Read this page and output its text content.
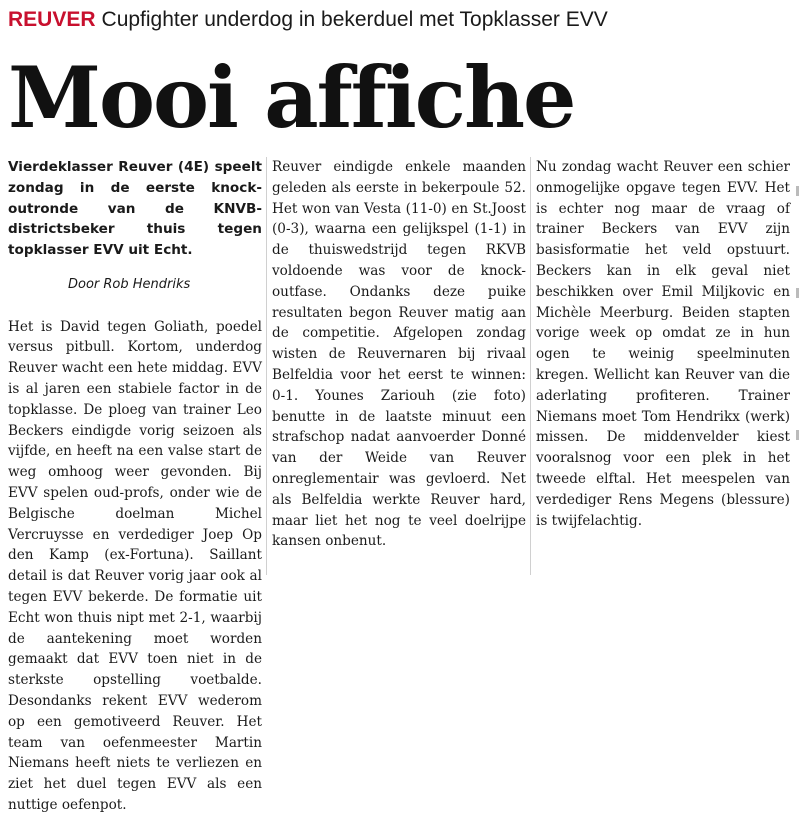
REUVER Cupfighter underdog in bekerduel met Topklasser EVV
Mooi affiche

Vierdeklasser Reuver (4E) speelt zondag in de eerste knock-outronde van de KNVB-districtsbeker thuis tegen topklasser EVV uit Echt.

Door Rob Hendriks

Het is David tegen Goliath, poedel versus pitbull. Kortom, underdog Reuver wacht een hete middag. EVV is al jaren een stabiele factor in de topklasse. De ploeg van trainer Leo Beckers eindigde vorig seizoen als vijfde, en heeft na een valse start de weg omhoog weer gevonden. Bij EVV spelen oud-profs, onder wie de Belgische doelman Michel Vercruysse en verdediger Joep Op den Kamp (ex-Fortuna). Saillant detail is dat Reuver vorig jaar ook al tegen EVV bekerde. De formatie uit Echt won thuis nipt met 2-1, waarbij de aantekening moet worden gemaakt dat EVV toen niet in de sterkste opstelling voetbalde. Desondanks rekent EVV wederom op een gemotiveerd Reuver. Het team van oefenmeester Martin Niemans heeft niets te verliezen en ziet het duel tegen EVV als een nuttige oefenpot.

Reuver eindigde enkele maanden geleden als eerste in bekerpoule 52. Het won van Vesta (11-0) en St.Joost (0-3), waarna een gelijkspel (1-1) in de thuiswedstrijd tegen RKVB voldoende was voor de knock-outfase. Ondanks deze puike resultaten begon Reuver matig aan de competitie. Afgelopen zondag wisten de Reuvernaren bij rivaal Belfeldia voor het eerst te winnen: 0-1. Younes Zariouh (zie foto) benutte in de laatste minuut een strafschop nadat aanvoerder Donné van der Weide van Reuver onreglementair was gevloerd. Net als Belfeldia werkte Reuver hard, maar liet het nog te veel doelrijpe kansen onbenut.

Nu zondag wacht Reuver een schier onmogelijke opgave tegen EVV. Het is echter nog maar de vraag of trainer Beckers van EVV zijn basisformatie het veld opstuurt. Beckers kan in elk geval niet beschikken over Emil Miljkovic en Michèle Meerburg. Beiden stapten vorige week op omdat ze in hun ogen te weinig speelminuten kregen. Wellicht kan Reuver van die aderlating profiteren. Trainer Niemans moet Tom Hendrikx (werk) missen. De middenvelder kiest vooralsnog voor een plek in het tweede elftal. Het meespelen van verdediger Rens Megens (blessure) is twijfelachtig.
